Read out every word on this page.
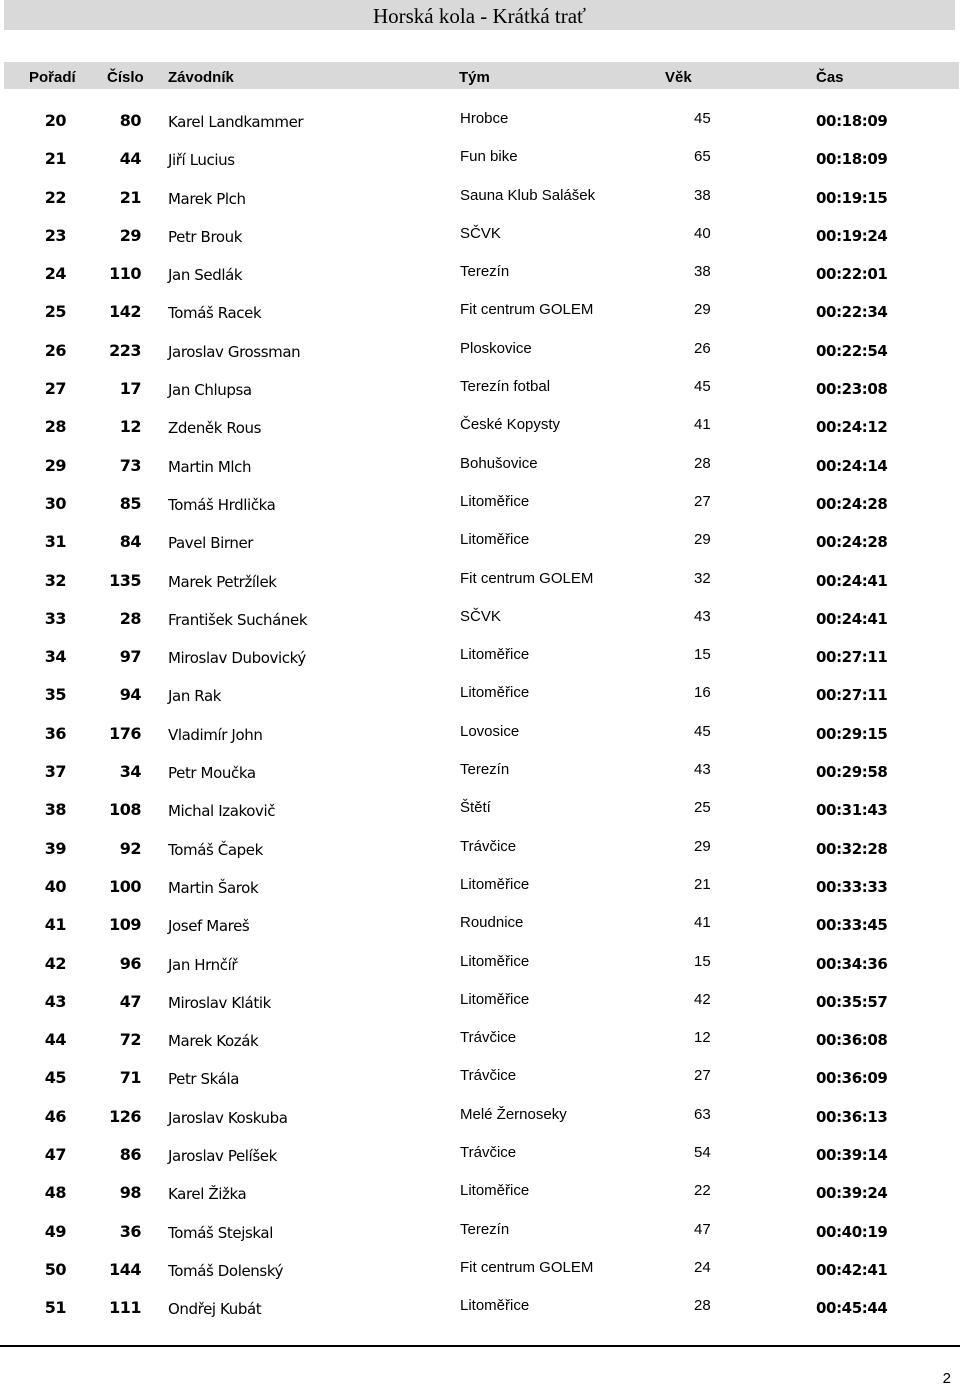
Horská kola - Krátká trať
Pořadí Číslo Závodník	Tým	Věk	Čas
20	80 Karel Landkammer	Hrobce	45	00:18:09
21	44 Jiří Lucius	Fun bike	65	00:18:09
22	21 Marek Plch	Sauna Klub Salášek	38	00:19:15
23	29 Petr Brouk	SČVK	40	00:19:24
24	110 Jan Sedlák	Terezín	38	00:22:01
25	142 Tomáš Racek	Fit centrum GOLEM	29	00:22:34
26	223 Jaroslav Grossman	Ploskovice	26	00:22:54
27	17 Jan Chlupsa	Terezín fotbal	45	00:23:08
28	12 Zdeněk Rous	České Kopysty	41	00:24:12
29	73 Martin Mlch	Bohušovice	28	00:24:14
30	85 Tomáš Hrdlička	Litoměřice	27	00:24:28
31	84 Pavel Birner	Litoměřice	29	00:24:28
32	135 Marek Petržílek	Fit centrum GOLEM	32	00:24:41
33	28 František Suchánek	SČVK	43	00:24:41
34	97 Miroslav Dubovický	Litoměřice	15	00:27:11
35	94 Jan Rak	Litoměřice	16	00:27:11
36	176 Vladimír John	Lovosice	45	00:29:15
37	34 Petr Moučka	Terezín	43	00:29:58
38	108 Michal Izakovič	Štětí	25	00:31:43
39	92 Tomáš Čapek	Trávčice	29	00:32:28
40	100 Martin Šarok	Litoměřice	21	00:33:33
41	109 Josef Mareš	Roudnice	41	00:33:45
42	96 Jan Hrnčíř	Litoměřice	15	00:34:36
43	47 Miroslav Klátik	Litoměřice	42	00:35:57
44	72 Marek Kozák	Trávčice	12	00:36:08
45	71 Petr Skála	Trávčice	27	00:36:09
46	126 Jaroslav Koskuba	Melé Žernoseky	63	00:36:13
47	86 Jaroslav Pelíšek	Trávčice	54	00:39:14
48	98 Karel Žižka	Litoměřice	22	00:39:24
49	36 Tomáš Stejskal	Terezín	47	00:40:19
50	144 Tomáš Dolenský	Fit centrum GOLEM	24	00:42:41
51	111 Ondřej Kubát	Litoměřice	28	00:45:44
2
